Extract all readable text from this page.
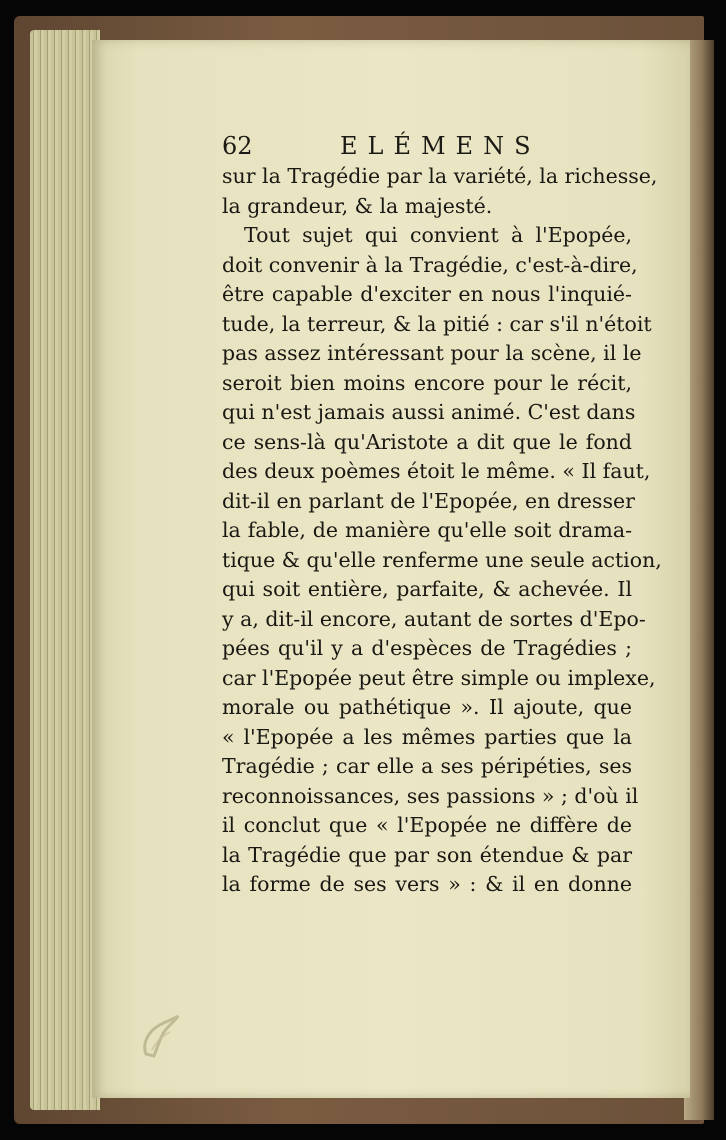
62	ELÉMENS
sur la Tragédie par la variété, la richesse,
la grandeur, & la majesté.
Tout sujet qui convient à l'Epopée,
doit convenir à la Tragédie, c'est-à-dire,
être capable d'exciter en nous l'inquié-
tude, la terreur, & la pitié : car s'il n'étoit
pas assez intéressant pour la scène, il le
seroit bien moins encore pour le récit,
qui n'est jamais aussi animé. C'est dans
ce sens-là qu'Aristote a dit que le fond
des deux poèmes étoit le même. « Il faut,
dit-il en parlant de l'Epopée, en dresser
la fable, de manière qu'elle soit drama-
tique & qu'elle renferme une seule action,
qui soit entière, parfaite, & achevée. Il
y a, dit-il encore, autant de sortes d'Epo-
pées qu'il y a d'espèces de Tragédies ;
car l'Epopée peut être simple ou implexe,
morale ou pathétique ». Il ajoute, que
« l'Epopée a les mêmes parties que la
Tragédie ; car elle a ses péripéties, ses
reconnoissances, ses passions » ; d'où il
il conclut que « l'Epopée ne diffère de
la Tragédie que par son étendue & par
la forme de ses vers » : & il en donne
